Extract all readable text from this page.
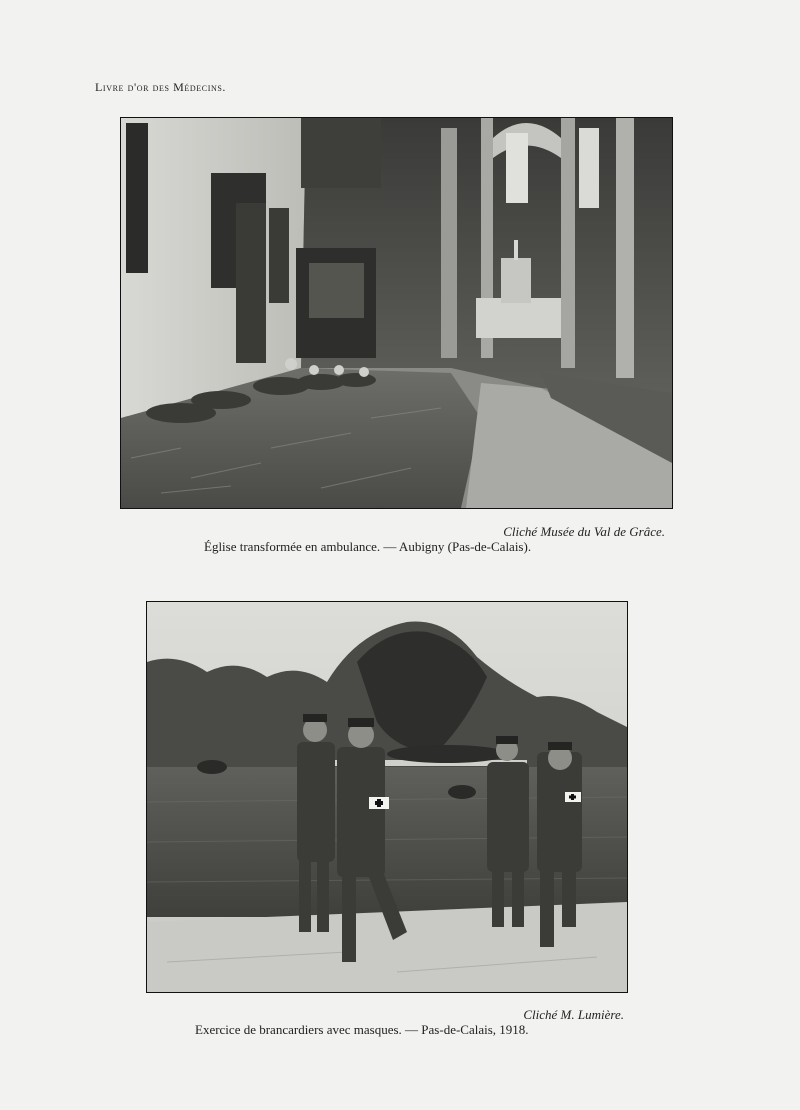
Livre d'or des Médecins.
Cliché Musée du Val de Grâce.
Église transformée en ambulance. — Aubigny (Pas-de-Calais).
Cliché M. Lumière.
Exercice de brancardiers avec masques. — Pas-de-Calais, 1918.
